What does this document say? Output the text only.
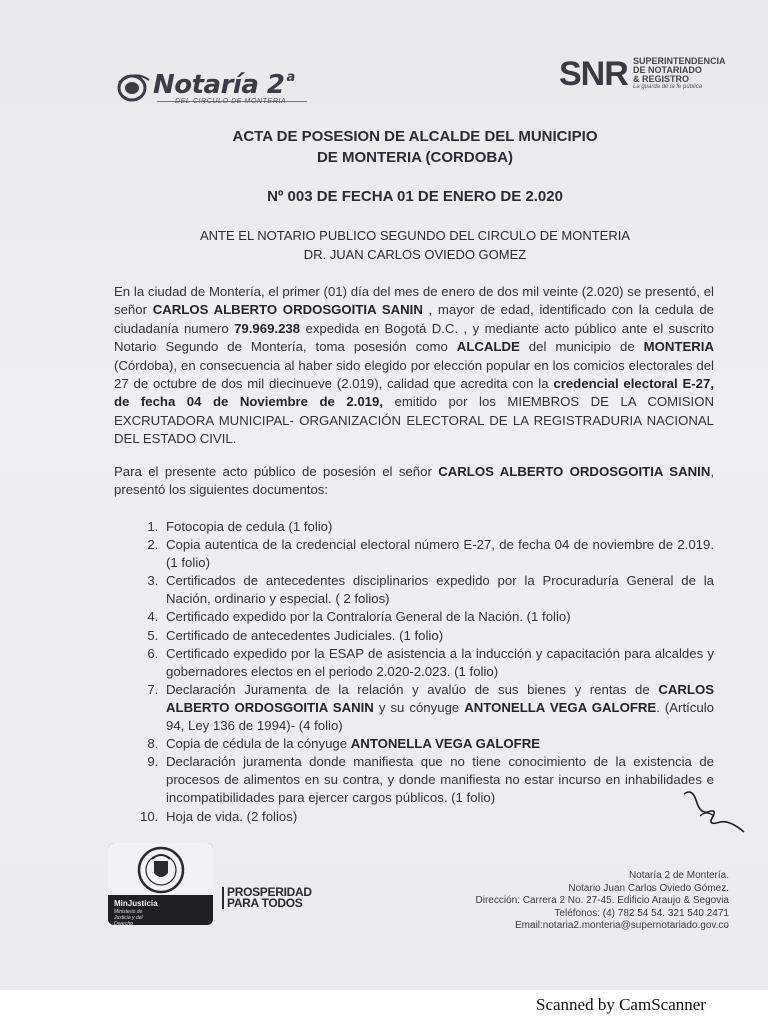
Notaría 2 $^a$
DEL CIRCULO DE MONTERIA
SNR SUPERINTENDENCIA
DE NOTARIADO
& REGISTRO
La guarda de la fe pública
ACTA DE POSESION DE ALCALDE DEL MUNICIPIO
DE MONTERIA (CORDOBA)
Nº 003 DE FECHA 01 DE ENERO DE 2.020
ANTE EL NOTARIO PUBLICO SEGUNDO DEL CIRCULO DE MONTERIA
DR. JUAN CARLOS OVIEDO GOMEZ
En la ciudad de Montería, el primer (01) día del mes de enero de dos mil veinte (2.020) se presentó, el señor CARLOS ALBERTO ORDOSGOITIA SANIN , mayor de edad, identificado con la cedula de ciudadanía numero 79.969.238 expedida en Bogotá D.C. , y mediante acto público ante el suscrito Notario Segundo de Montería, toma posesión como ALCALDE del municipio de MONTERIA (Córdoba), en consecuencia al haber sido elegido por elección popular en los comicios electorales del 27 de octubre de dos mil diecinueve (2.019), calidad que acredita con la credencial electoral E-27, de fecha 04 de Noviembre de 2.019, emitido por los MIEMBROS DE LA COMISION EXCRUTADORA MUNICIPAL- ORGANIZACIÓN ELECTORAL DE LA REGISTRADURIA NACIONAL DEL ESTADO CIVIL.
Para el presente acto público de posesión el señor CARLOS ALBERTO ORDOSGOITIA SANIN, presentó los siguientes documentos:
1. Fotocopia de cedula (1 folio)
2. Copia autentica de la credencial electoral número E-27, de fecha 04 de noviembre de 2.019. (1 folio)
3. Certificados de antecedentes disciplinarios expedido por la Procuraduría General de la Nación, ordinario y especial. ( 2 folios)
4. Certificado expedido por la Contraloría General de la Nación. (1 folio)
5. Certificado de antecedentes Judiciales. (1 folio)
6. Certificado expedido por la ESAP de asistencia a la inducción y capacitación para alcaldes y gobernadores electos en el periodo 2.020-2.023. (1 folio)
7. Declaración Juramenta de la relación y avalúo de sus bienes y rentas de CARLOS ALBERTO ORDOSGOITIA SANIN y su cónyuge ANTONELLA VEGA GALOFRE. (Artículo 94, Ley 136 de 1994)- (4 folio)
8. Copia de cédula de la cónyuge ANTONELLA VEGA GALOFRE
9. Declaración juramenta donde manifiesta que no tiene conocimiento de la existencia de procesos de alimentos en su contra, y donde manifiesta no estar incurso en inhabilidades e incompatibilidades para ejercer cargos públicos. (1 folio)
10. Hoja de vida. (2 folios)
MinJusticia
Ministerio de Justicia y del Derecho
PROSPERIDAD
PARA TODOS
Notaría 2 de Montería.
Notario Juan Carlos Oviedo Gómez.
Dirección: Carrera 2 No. 27-45. Edificio Araujo & Segovia
Teléfonos: (4) 782 54 54. 321 540 2471
Email:notaria2.monteria@supernotariado.gov.co
Scanned by CamScanner
